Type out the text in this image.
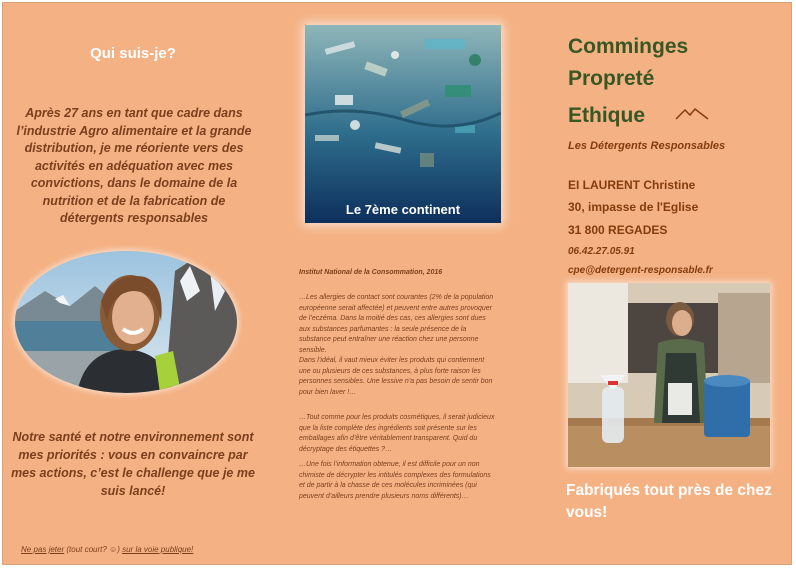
Qui suis-je?
Après 27 ans en tant que cadre dans l’industrie Agro alimentaire et la grande distribution, je me réoriente vers des activités en adéquation avec mes convictions, dans le domaine de la nutrition et de la fabrication de détergents responsables
Notre santé et notre environnement sont mes priorités : vous en convaincre par mes actions, c’est le challenge que je me suis lancé!
Ne pas jeter (tout court? ☺) sur la voie publique!
Le 7ème continent
Institut National de la Consommation, 2016
…Les allergies de contact sont courantes (2% de la population européenne serait affectée) et peuvent entre autres provoquer de l’eczéma. Dans la moitié des cas, ces allergies sont dues aux substances parfumantes : la seule présence de la substance peut entraîner une réaction chez une personne sensible.
Dans l’idéal, il vaut mieux éviter les produits qui contiennent une ou plusieurs de ces substances, à plus forte raison les personnes sensibles. Une lessive n’a pas besoin de sentir bon pour bien laver !…
…Tout comme pour les produits cosmétiques, il serait judicieux que la liste complète des ingrédients soit présente sur les emballages afin d’être véritablement transparent. Quid du décryptage des étiquettes ?…
…Une fois l’information obtenue, il est difficile pour un non chimiste de décrypter les intitulés complexes des formulations et de partir à la chasse de ces molécules incriminées (qui peuvent d’ailleurs prendre plusieurs noms différents)…
Comminges
Propreté
Ethique
Les Détergents Responsables
EI LAURENT Christine
30, impasse de l'Eglise
31 800 REGADES
06.42.27.05.91
cpe@detergent-responsable.fr
Fabriqués tout près de chez vous!
